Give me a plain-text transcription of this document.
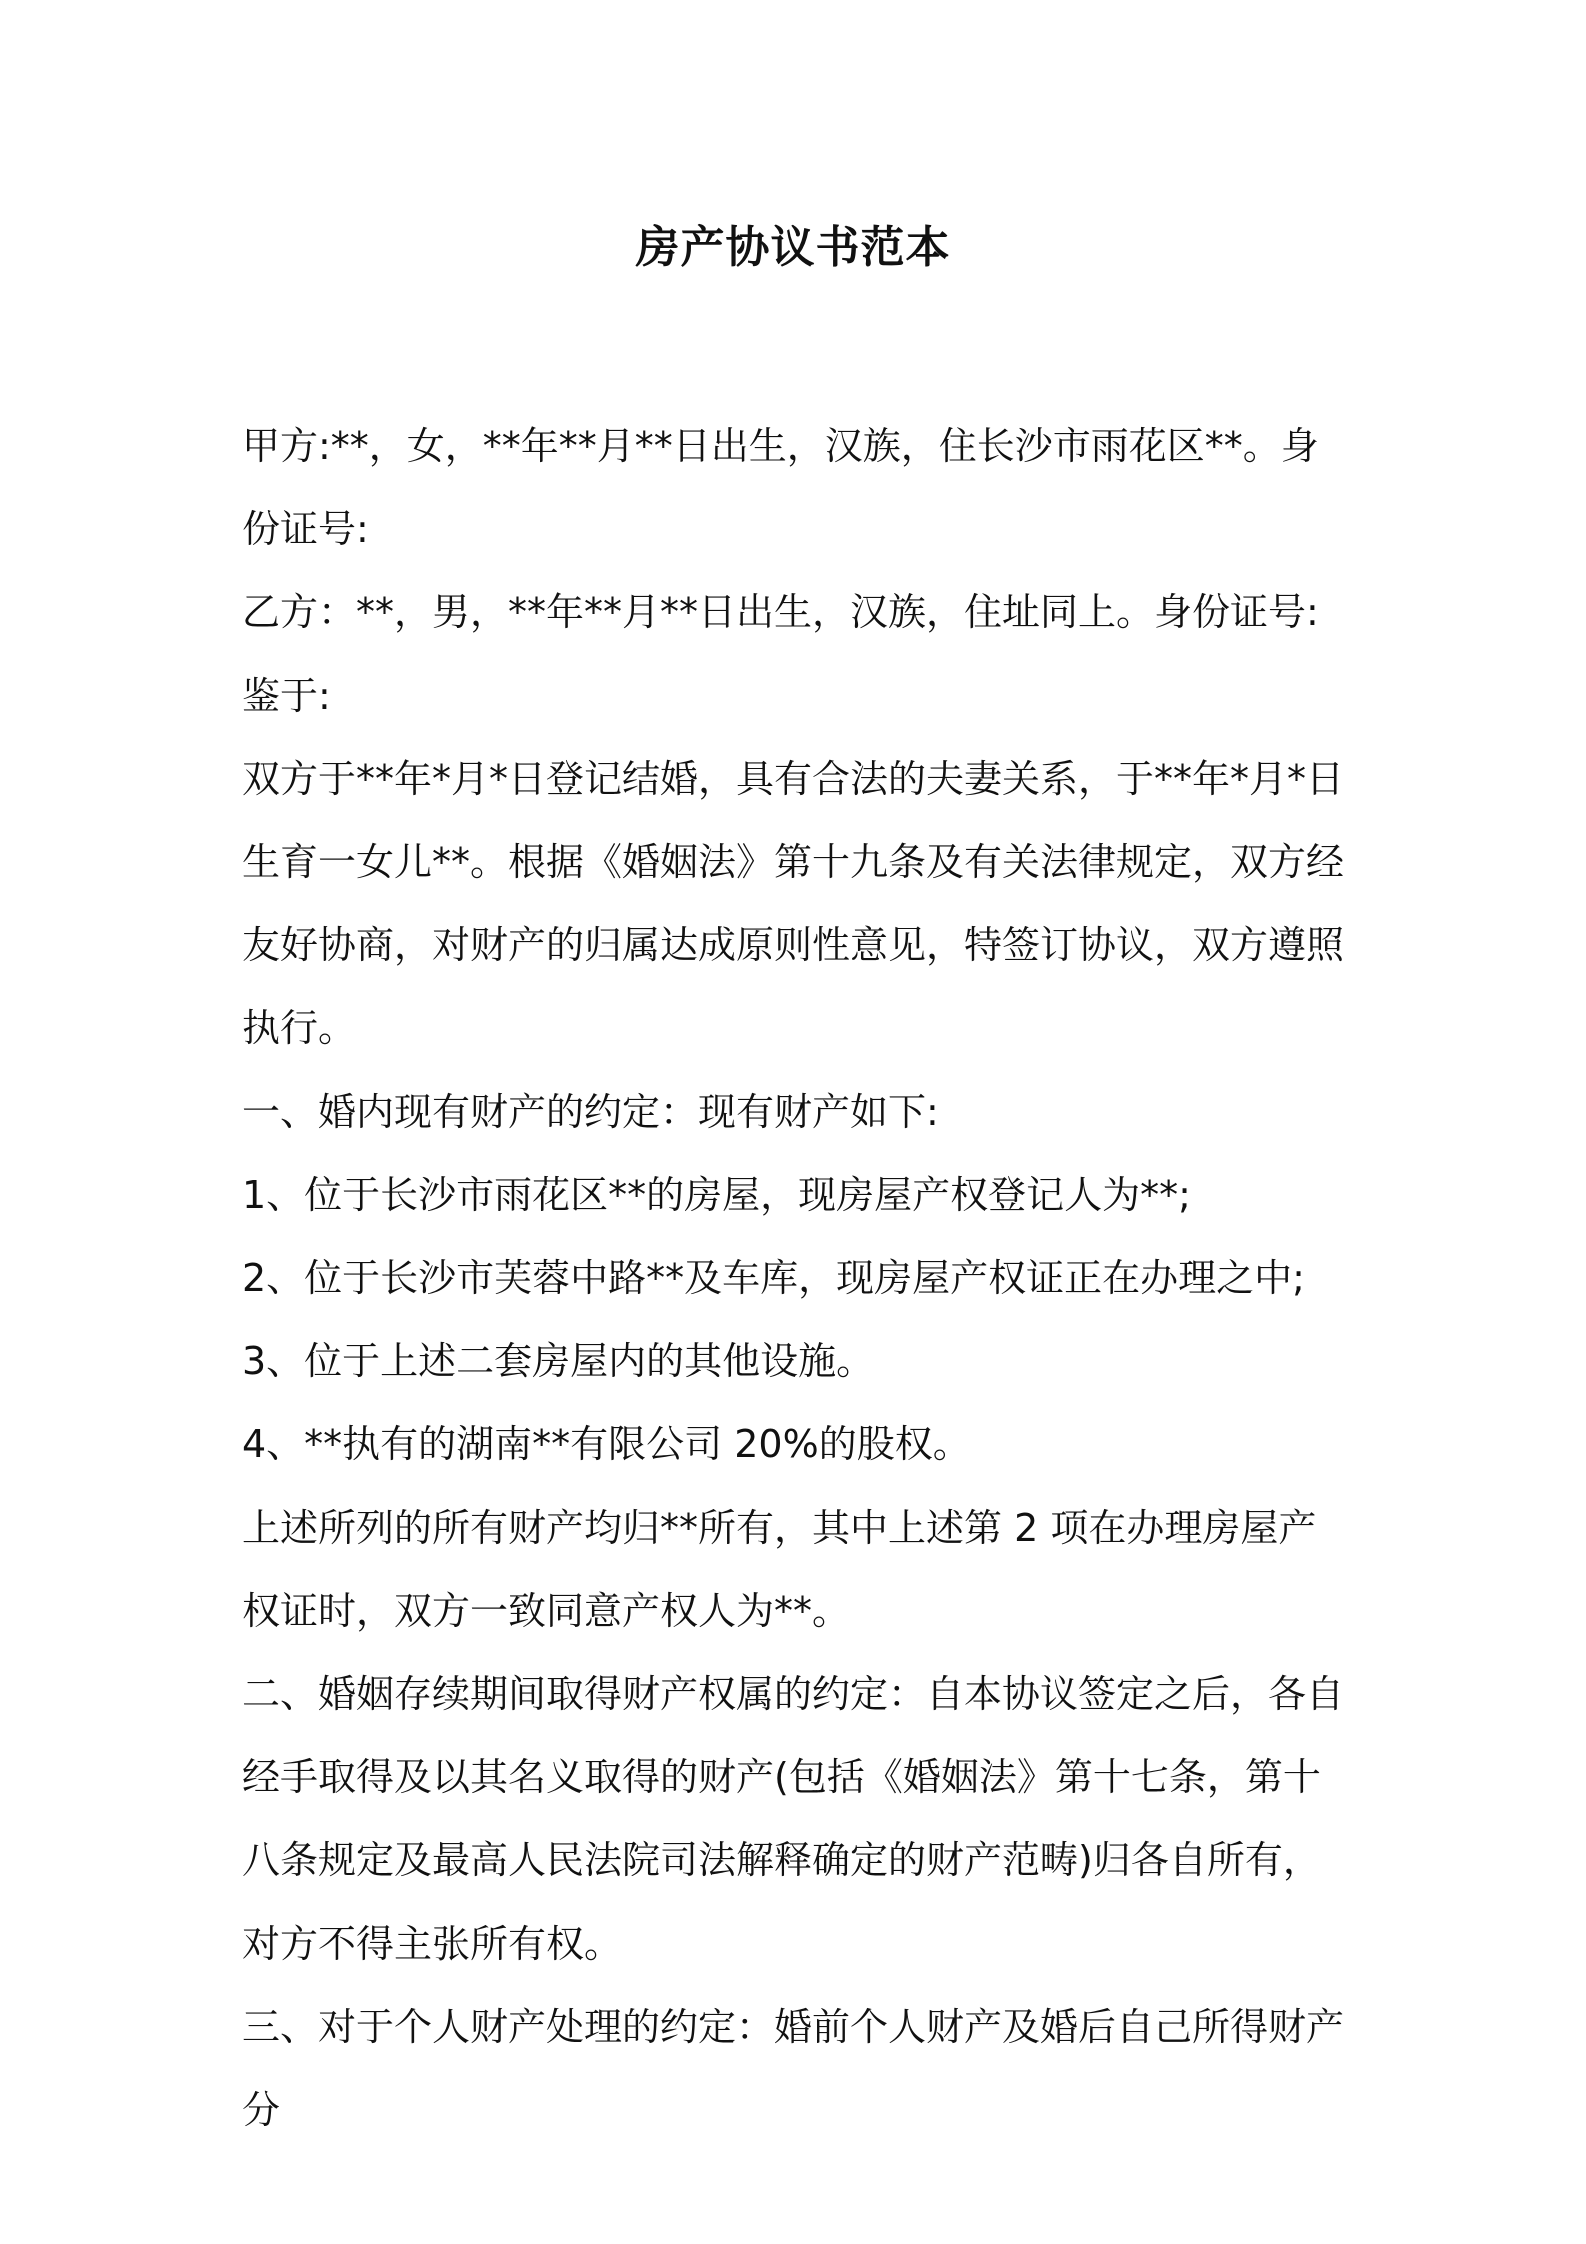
房产协议书范本

甲方:**，女，**年**月**日出生，汉族，住长沙市雨花区**。身份证号:

乙方：**，男，**年**月**日出生，汉族，住址同上。身份证号:

鉴于:

双方于**年*月*日登记结婚，具有合法的夫妻关系，于**年*月*日生育一女儿**。根据《婚姻法》第十九条及有关法律规定，双方经友好协商，对财产的归属达成原则性意见，特签订协议，双方遵照执行。

一、婚内现有财产的约定：现有财产如下:

1、位于长沙市雨花区**的房屋，现房屋产权登记人为**;

2、位于长沙市芙蓉中路**及车库，现房屋产权证正在办理之中;

3、位于上述二套房屋内的其他设施。

4、**执有的湖南**有限公司 20%的股权。

上述所列的所有财产均归**所有，其中上述第 2 项在办理房屋产权证时，双方一致同意产权人为**。

二、婚姻存续期间取得财产权属的约定：自本协议签定之后，各自经手取得及以其名义取得的财产(包括《婚姻法》第十七条，第十八条规定及最高人民法院司法解释确定的财产范畴)归各自所有，对方不得主张所有权。

三、对于个人财产处理的约定：婚前个人财产及婚后自己所得财产分
